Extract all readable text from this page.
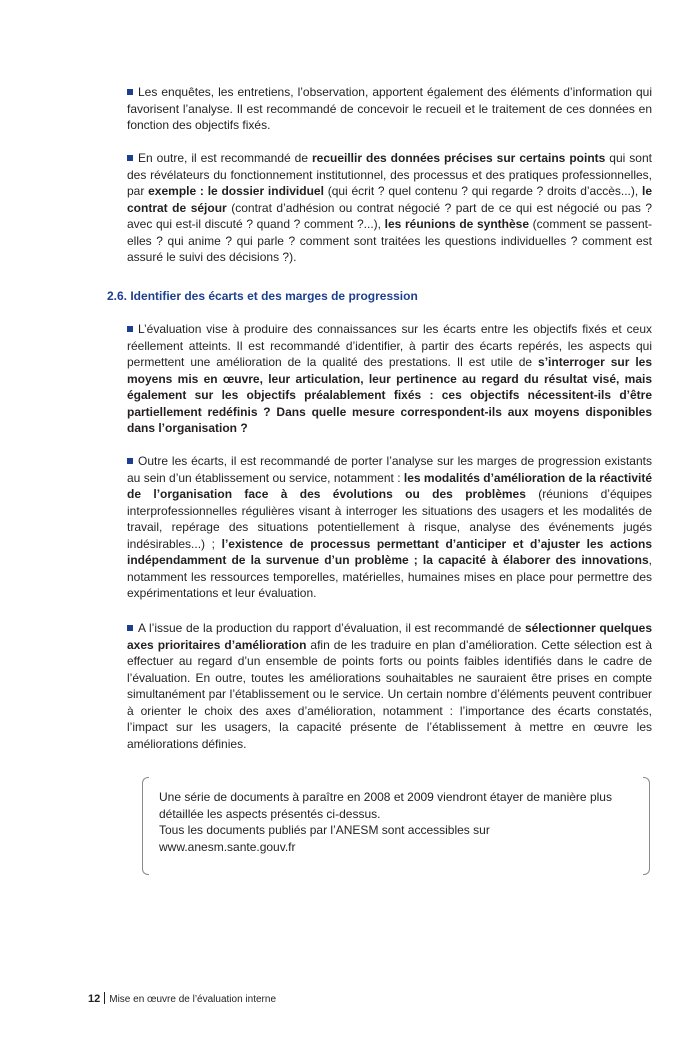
Les enquêtes, les entretiens, l’observation, apportent également des éléments d’information qui favorisent l’analyse. Il est recommandé de concevoir le recueil et le traitement de ces données en fonction des objectifs fixés.
En outre, il est recommandé de recueillir des données précises sur certains points qui sont des révélateurs du fonctionnement institutionnel, des processus et des pratiques professionnelles, par exemple : le dossier individuel (qui écrit ? quel contenu ? qui regarde ? droits d’accès...), le contrat de séjour (contrat d’adhésion ou contrat négocié ? part de ce qui est négocié ou pas ? avec qui est-il discuté ? quand ? comment ?...), les réunions de synthèse (comment se passent-elles ? qui anime ? qui parle ? comment sont traitées les questions individuelles ? comment est assuré le suivi des décisions ?).
2.6. Identifier des écarts et des marges de progression
L’évaluation vise à produire des connaissances sur les écarts entre les objectifs fixés et ceux réellement atteints. Il est recommandé d’identifier, à partir des écarts repérés, les aspects qui permettent une amélioration de la qualité des prestations. Il est utile de s’interroger sur les moyens mis en œuvre, leur articulation, leur pertinence au regard du résultat visé, mais également sur les objectifs préalablement fixés : ces objectifs nécessitent-ils d’être partiellement redéfinis ? Dans quelle mesure correspondent-ils aux moyens disponibles dans l’organisation ?
Outre les écarts, il est recommandé de porter l’analyse sur les marges de progression existants au sein d’un établissement ou service, notamment : les modalités d’amélioration de la réactivité de l’organisation face à des évolutions ou des problèmes (réunions d’équipes interprofessionnelles régulières visant à interroger les situations des usagers et les modalités de travail, repérage des situations potentiellement à risque, analyse des événements jugés indésirables...) ; l’existence de processus permettant d’anticiper et d’ajuster les actions indépendamment de la survenue d’un problème ; la capacité à élaborer des innovations, notamment les ressources temporelles, matérielles, humaines mises en place pour permettre des expérimentations et leur évaluation.
A l’issue de la production du rapport d’évaluation, il est recommandé de sélectionner quelques axes prioritaires d’amélioration afin de les traduire en plan d’amélioration. Cette sélection est à effectuer au regard d’un ensemble de points forts ou points faibles identifiés dans le cadre de l’évaluation. En outre, toutes les améliorations souhaitables ne sauraient être prises en compte simultanément par l’établissement ou le service. Un certain nombre d’éléments peuvent contribuer à orienter le choix des axes d’amélioration, notamment : l’importance des écarts constatés, l’impact sur les usagers, la capacité présente de l’établissement à mettre en œuvre les améliorations définies.
Une série de documents à paraître en 2008 et 2009 viendront étayer de manière plus détaillée les aspects présentés ci-dessus.
Tous les documents publiés par l’ANESM sont accessibles sur
www.anesm.sante.gouv.fr
12 Mise en œuvre de l’évaluation interne
